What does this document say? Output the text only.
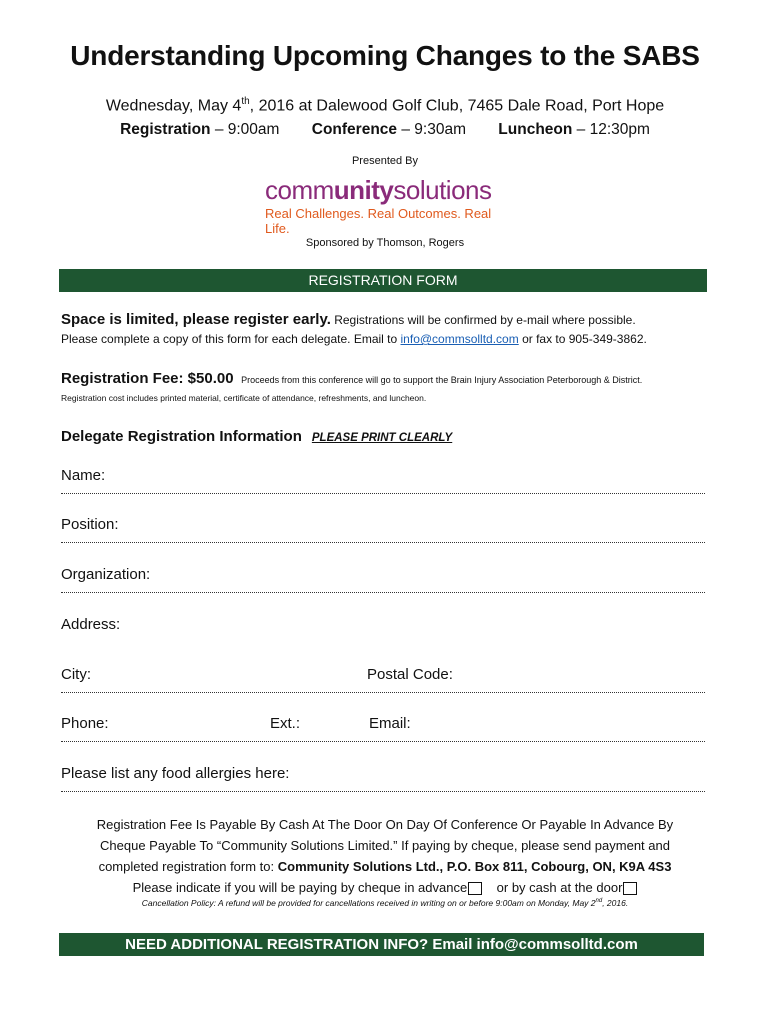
Understanding Upcoming Changes to the SABS
Wednesday, May 4th, 2016 at Dalewood Golf Club, 7465 Dale Road, Port Hope
Registration – 9:00am Conference – 9:30am Luncheon – 12:30pm
Presented By
communitysolutions
Real Challenges. Real Outcomes. Real Life.
Sponsored by Thomson, Rogers
REGISTRATION FORM
Space is limited, please register early. Registrations will be confirmed by e-mail where possible.
Please complete a copy of this form for each delegate. Email to info@commsolltd.com or fax to 905-349-3862.
Registration Fee: $50.00 Proceeds from this conference will go to support the Brain Injury Association Peterborough & District.
Registration cost includes printed material, certificate of attendance, refreshments, and luncheon.
Delegate Registration Information PLEASE PRINT CLEARLY
Name:
Position:
Organization:
Address:
City:	Postal Code:
Phone:	Ext.:	Email:
Please list any food allergies here:
Registration Fee Is Payable By Cash At The Door On Day Of Conference Or Payable In Advance By
Cheque Payable To “Community Solutions Limited.” If paying by cheque, please send payment and
completed registration form to: Community Solutions Ltd., P.O. Box 811, Cobourg, ON, K9A 4S3
Please indicate if you will be paying by cheque in advance or by cash at the door
Cancellation Policy: A refund will be provided for cancellations received in writing on or before 9:00am on Monday, May 2nd, 2016.
NEED ADDITIONAL REGISTRATION INFO? Email info@commsolltd.com
